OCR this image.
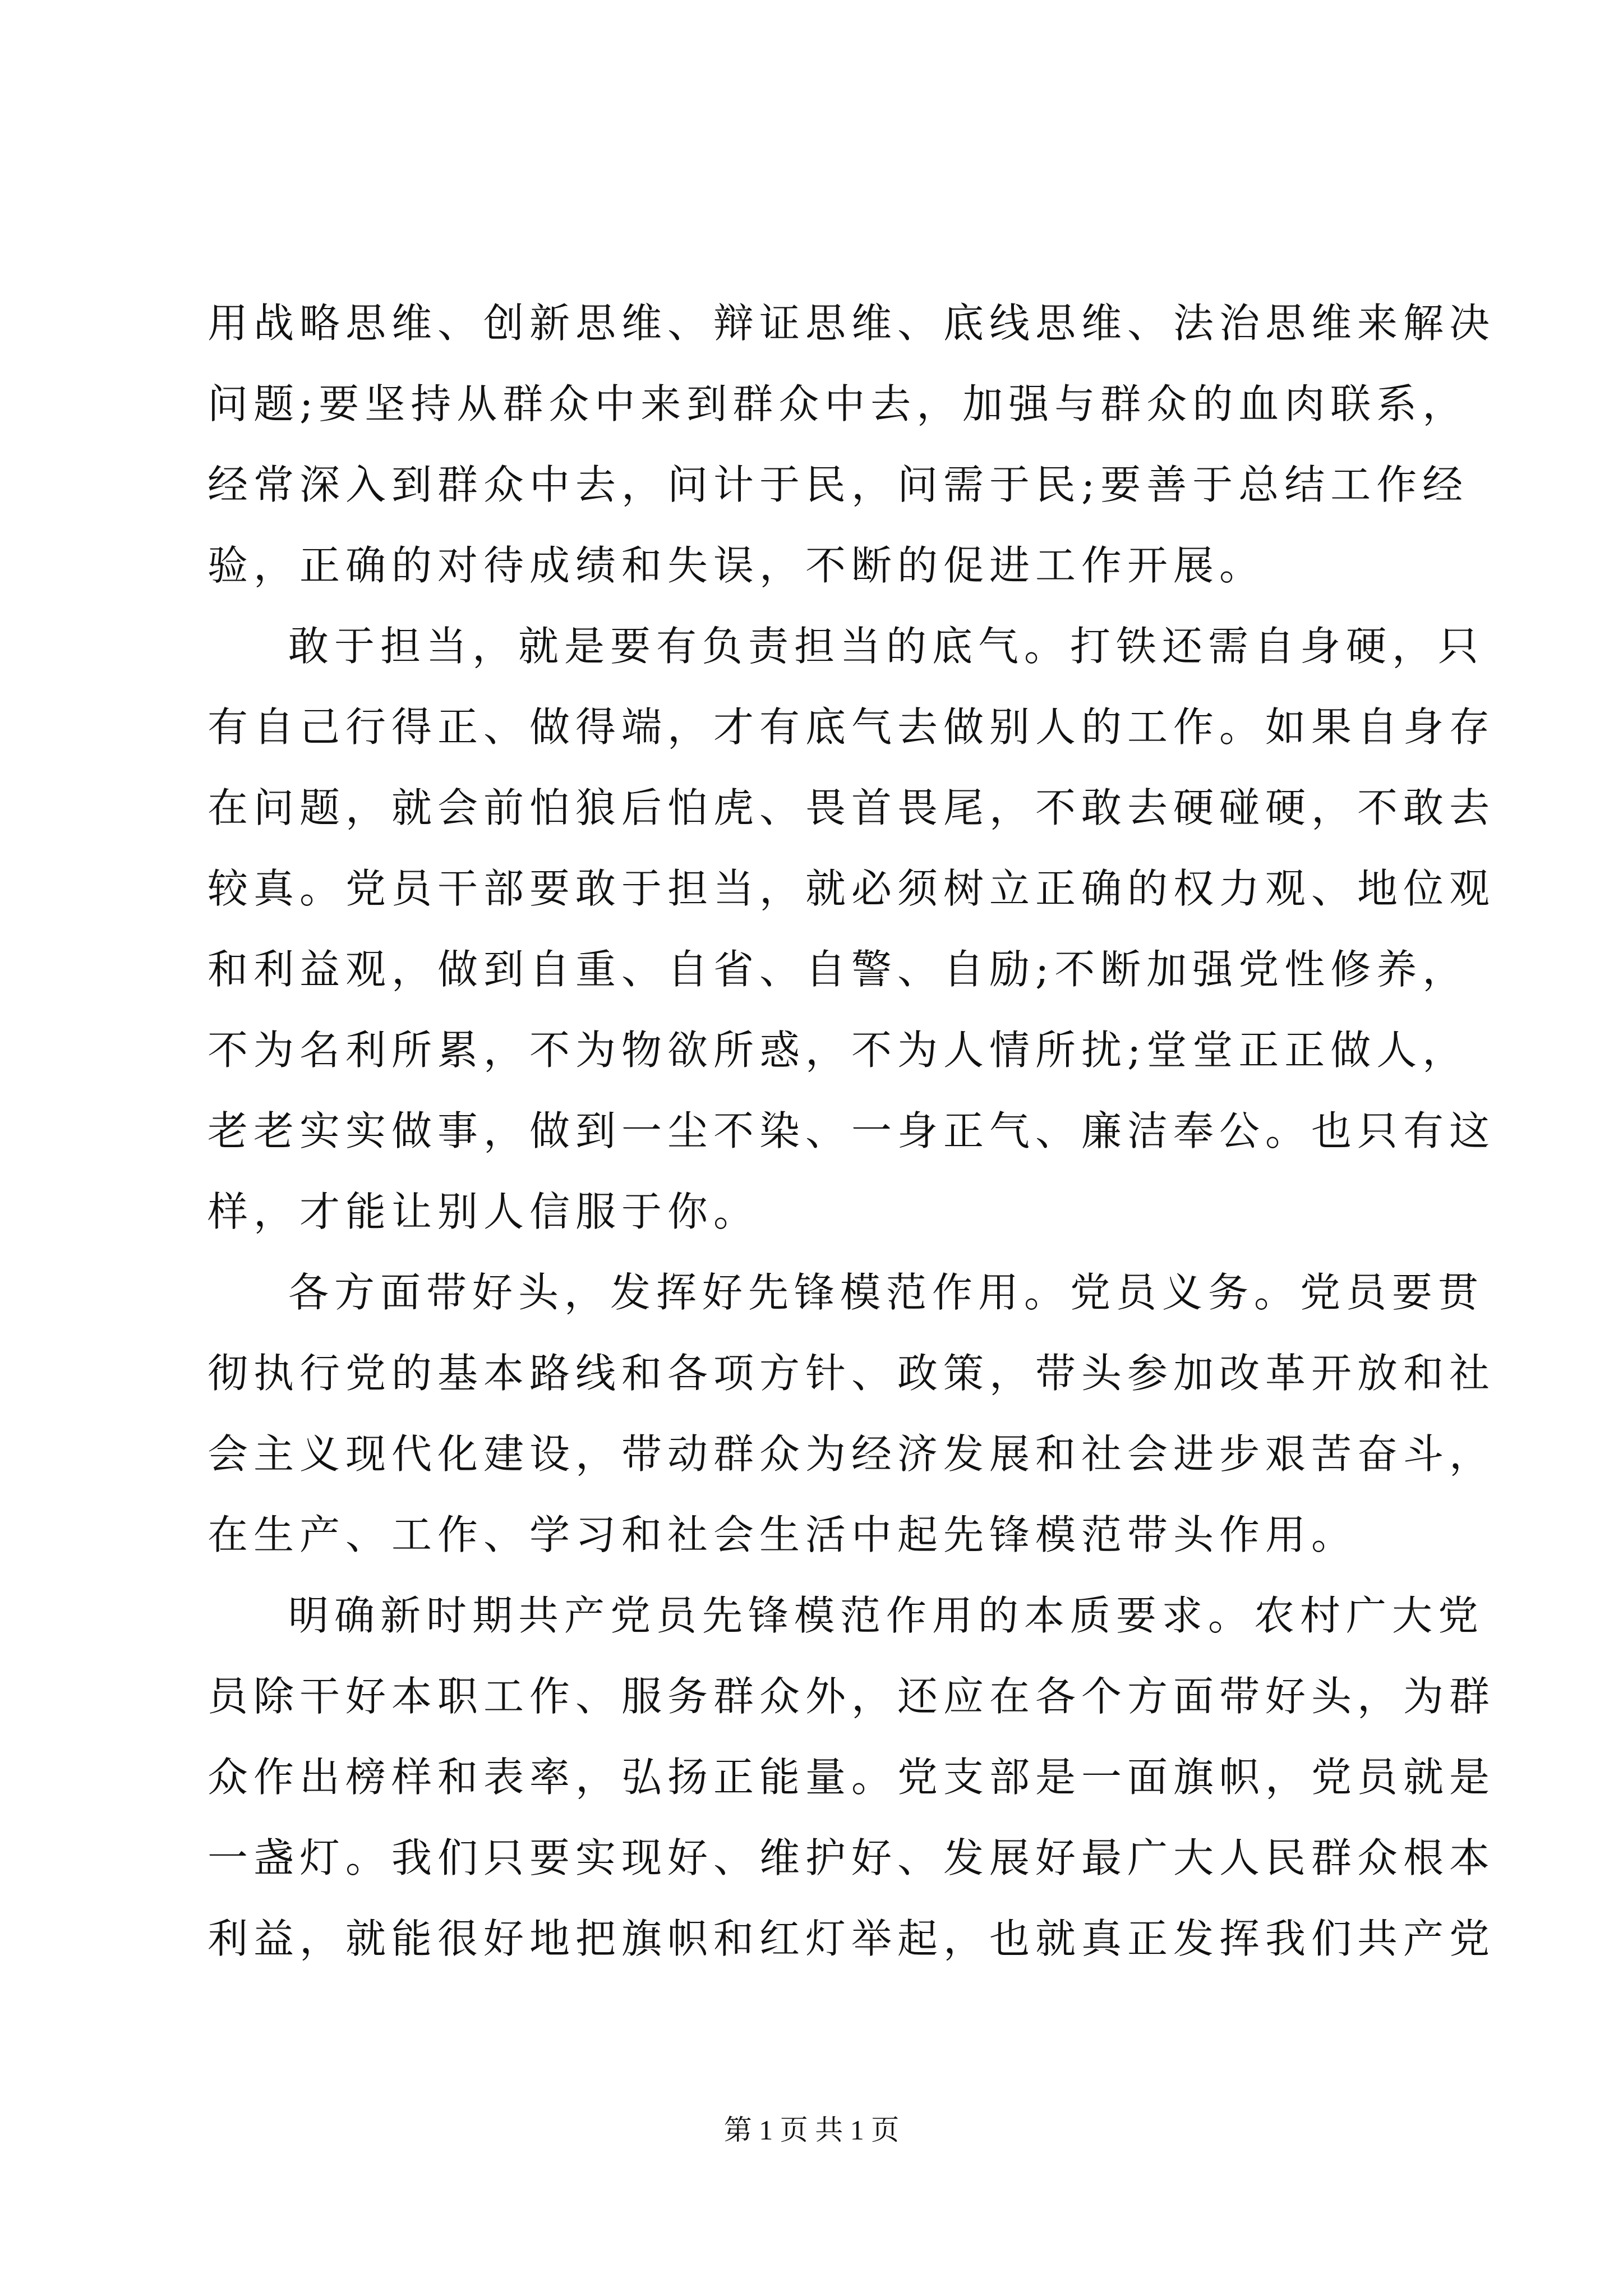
用战略思维、创新思维、辩证思维、底线思维、法治思维来解决
问题;要坚持从群众中来到群众中去，加强与群众的血肉联系，
经常深入到群众中去，问计于民，问需于民;要善于总结工作经
验，正确的对待成绩和失误，不断的促进工作开展。
敢于担当，就是要有负责担当的底气。打铁还需自身硬，只
有自己行得正、做得端，才有底气去做别人的工作。如果自身存
在问题，就会前怕狼后怕虎、畏首畏尾，不敢去硬碰硬，不敢去
较真。党员干部要敢于担当，就必须树立正确的权力观、地位观
和利益观，做到自重、自省、自警、自励;不断加强党性修养，
不为名利所累，不为物欲所惑，不为人情所扰;堂堂正正做人，
老老实实做事，做到一尘不染、一身正气、廉洁奉公。也只有这
样，才能让别人信服于你。
各方面带好头，发挥好先锋模范作用。党员义务。党员要贯
彻执行党的基本路线和各项方针、政策，带头参加改革开放和社
会主义现代化建设，带动群众为经济发展和社会进步艰苦奋斗，
在生产、工作、学习和社会生活中起先锋模范带头作用。
明确新时期共产党员先锋模范作用的本质要求。农村广大党
员除干好本职工作、服务群众外，还应在各个方面带好头，为群
众作出榜样和表率，弘扬正能量。党支部是一面旗帜，党员就是
一盏灯。我们只要实现好、维护好、发展好最广大人民群众根本
利益，就能很好地把旗帜和红灯举起，也就真正发挥我们共产党
第 1 页 共 1 页
